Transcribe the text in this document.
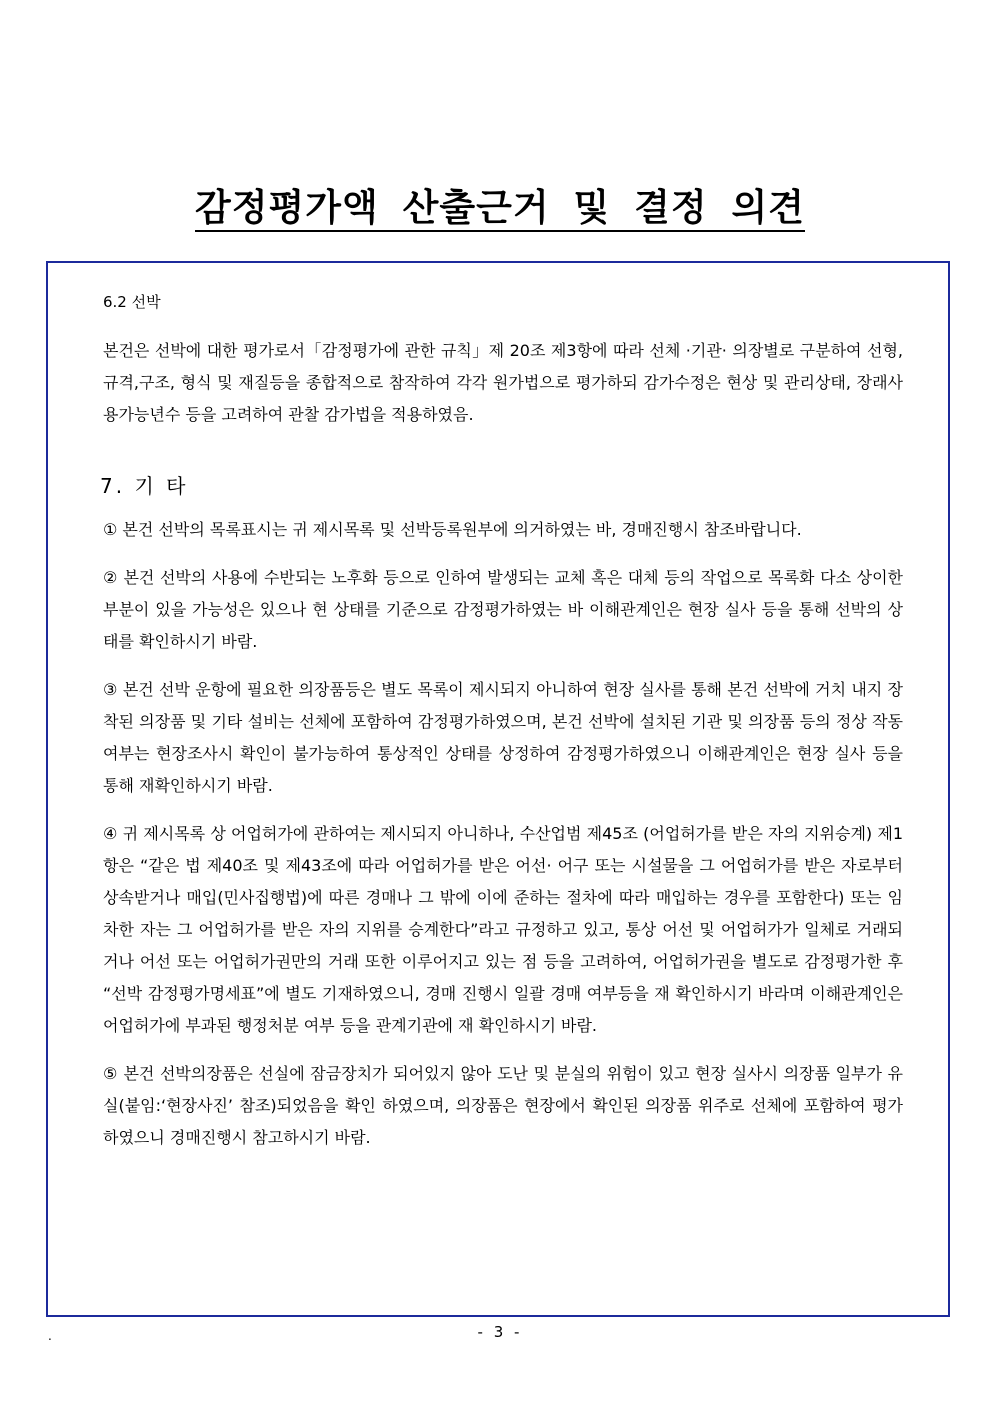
감정평가액 산출근거 및 결정 의견

6.2 선박

본건은 선박에 대한 평가로서「감정평가에 관한 규칙」제 20조 제3항에 따라 선체 ·기관· 의장별로 구분하여 선형,규격,구조, 형식 및 재질등을 종합적으로 참작하여 각각 원가법으로 평가하되 감가수정은 현상 및 관리상태, 장래사용가능년수 등을 고려하여 관찰 감가법을 적용하였음.

7. 기 타

① 본건 선박의 목록표시는 귀 제시목록 및 선박등록원부에 의거하였는 바, 경매진행시 참조바랍니다.

② 본건 선박의 사용에 수반되는 노후화 등으로 인하여 발생되는 교체 혹은 대체 등의 작업으로 목록화 다소 상이한 부분이 있을 가능성은 있으나 현 상태를 기준으로 감정평가하였는 바 이해관계인은 현장 실사 등을 통해 선박의 상태를 확인하시기 바람.

③ 본건 선박 운항에 필요한 의장품등은 별도 목록이 제시되지 아니하여 현장 실사를 통해 본건 선박에 거치 내지 장착된 의장품 및 기타 설비는 선체에 포함하여 감정평가하였으며, 본건 선박에 설치된 기관 및 의장품 등의 정상 작동 여부는 현장조사시 확인이 불가능하여 통상적인 상태를 상정하여 감정평가하였으니 이해관계인은 현장 실사 등을 통해 재확인하시기 바람.

④ 귀 제시목록 상 어업허가에 관하여는 제시되지 아니하나, 수산업범 제45조 (어업허가를 받은 자의 지위승계) 제1항은 “같은 법 제40조 및 제43조에 따라 어업허가를 받은 어선· 어구 또는 시설물을 그 어업허가를 받은 자로부터 상속받거나 매입(민사집행법)에 따른 경매나 그 밖에 이에 준하는 절차에 따라 매입하는 경우를 포함한다) 또는 임차한 자는 그 어업허가를 받은 자의 지위를 승계한다”라고 규정하고 있고, 통상 어선 및 어업허가가 일체로 거래되거나 어선 또는 어업허가권만의 거래 또한 이루어지고 있는 점 등을 고려하여, 어업허가권을 별도로 감정평가한 후 “선박 감정평가명세표”에 별도 기재하였으니, 경매 진행시 일괄 경매 여부등을 재 확인하시기 바라며 이해관계인은 어업허가에 부과된 행정처분 여부 등을 관계기관에 재 확인하시기 바람.

⑤ 본건 선박의장품은 선실에 잠금장치가 되어있지 않아 도난 및 분실의 위험이 있고 현장 실사시 의장품 일부가 유실(붙임:‘현장사진’ 참조)되었음을 확인 하였으며, 의장품은 현장에서 확인된 의장품 위주로 선체에 포함하여 평가하였으니 경매진행시 참고하시기 바람.

- 3 -
.
